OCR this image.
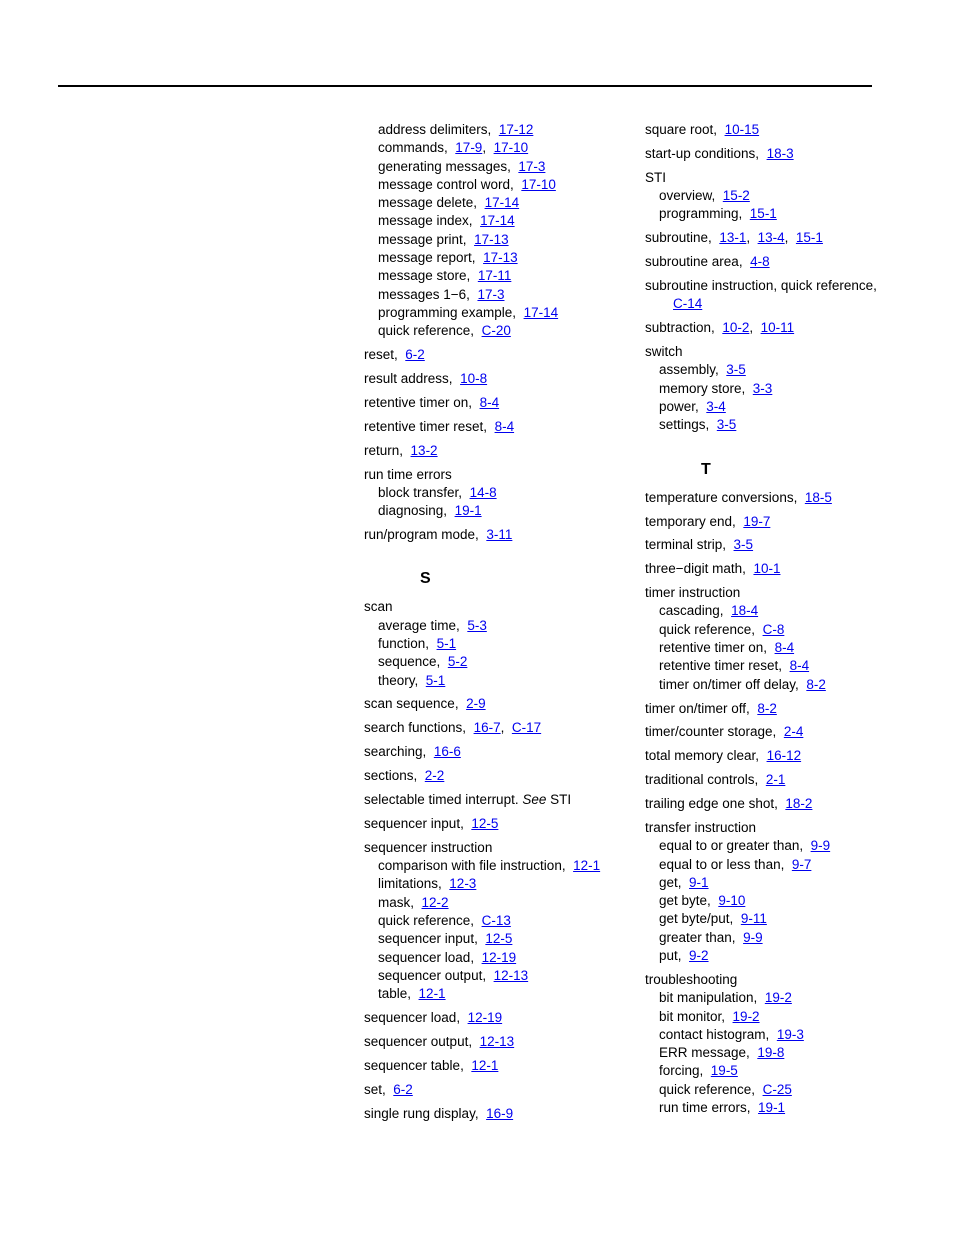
address delimiters, 17-12
commands, 17-9,  17-10
generating messages, 17-3
message control word, 17-10
message delete, 17-14
message index, 17-14
message print, 17-13
message report, 17-13
message store, 17-11
messages 1−6, 17-3
programming example, 17-14
quick reference, C-20
reset, 6-2
result address, 10-8
retentive timer on, 8-4
retentive timer reset, 8-4
return, 13-2
run time errors
block transfer, 14-8
diagnosing, 19-1
run/program mode, 3-11
S
scan
average time, 5-3
function, 5-1
sequence, 5-2
theory, 5-1
scan sequence, 2-9
search functions, 16-7,  C-17
searching, 16-6
sections, 2-2
selectable timed interrupt. See STI
sequencer input, 12-5
sequencer instruction
comparison with file instruction, 12-1
limitations, 12-3
mask, 12-2
quick reference, C-13
sequencer input, 12-5
sequencer load, 12-19
sequencer output, 12-13
table, 12-1
sequencer load, 12-19
sequencer output, 12-13
sequencer table, 12-1
set, 6-2
single rung display, 16-9
square root, 10-15
start-up conditions, 18-3
STI
overview, 15-2
programming, 15-1
subroutine, 13-1,  13-4,  15-1
subroutine area, 4-8
subroutine instruction, quick reference,
C-14
subtraction, 10-2,  10-11
switch
assembly, 3-5
memory store, 3-3
power, 3-4
settings, 3-5
T
temperature conversions, 18-5
temporary end, 19-7
terminal strip, 3-5
three−digit math, 10-1
timer instruction
cascading, 18-4
quick reference, C-8
retentive timer on, 8-4
retentive timer reset, 8-4
timer on/timer off delay, 8-2
timer on/timer off, 8-2
timer/counter storage, 2-4
total memory clear, 16-12
traditional controls, 2-1
trailing edge one shot, 18-2
transfer instruction
equal to or greater than, 9-9
equal to or less than, 9-7
get, 9-1
get byte, 9-10
get byte/put, 9-11
greater than, 9-9
put, 9-2
troubleshooting
bit manipulation, 19-2
bit monitor, 19-2
contact histogram, 19-3
ERR message, 19-8
forcing, 19-5
quick reference, C-25
run time errors, 19-1
